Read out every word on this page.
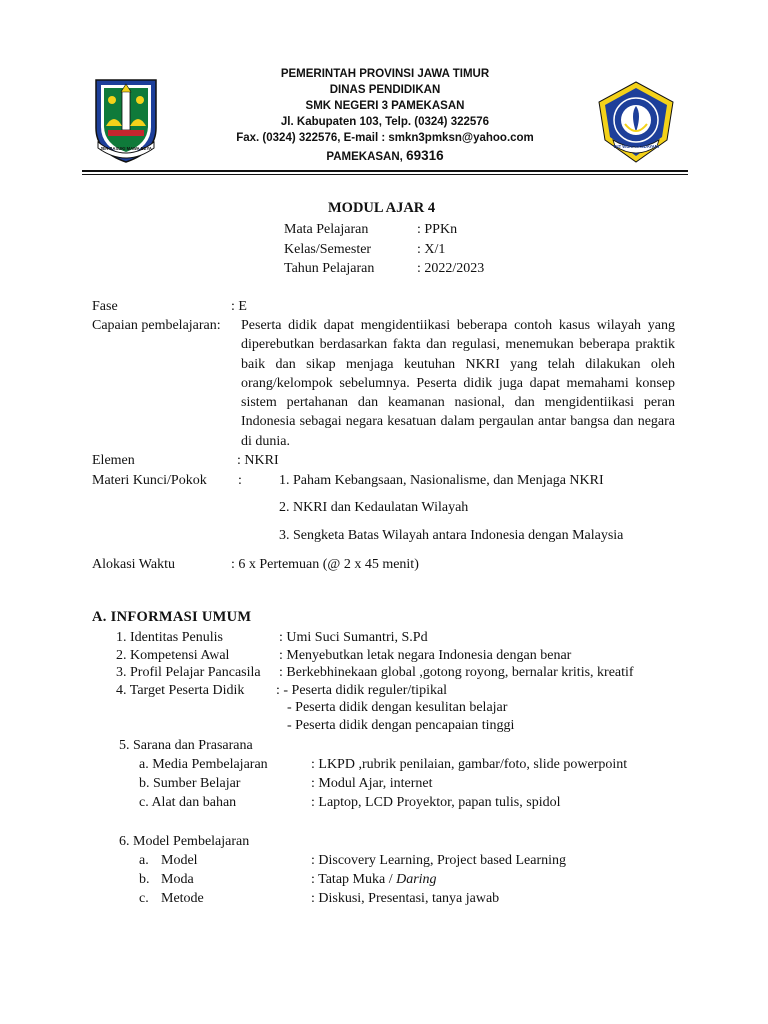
JER BASUKI MAWA BEYA	TUT WURI HANDAYANI
PEMERINTAH PROVINSI JAWA TIMUR
DINAS PENDIDIKAN
SMK NEGERI 3 PAMEKASAN
Jl. Kabupaten 103, Telp. (0324) 322576
Fax. (0324) 322576, E-mail : smkn3pmksn@yahoo.com
PAMEKASAN, 69316
MODUL AJAR 4
Mata Pelajaran	: PPKn
Kelas/Semester	: X/1
Tahun Pelajaran	: 2022/2023
Fase	: E
Capaian pembelajaran: Peserta didik dapat mengidentiikasi beberapa contoh kasus wilayah yang diperebutkan berdasarkan fakta dan regulasi, menemukan beberapa praktik baik dan sikap menjaga keutuhan NKRI yang telah dilakukan oleh orang/kelompok sebelumnya. Peserta didik juga dapat memahami konsep sistem pertahanan dan keamanan nasional, dan mengidentiikasi peran Indonesia sebagai negara kesatuan dalam pergaulan antar bangsa dan negara di dunia.
Elemen	: NKRI
Materi Kunci/Pokok :	1. Paham Kebangsaan, Nasionalisme, dan Menjaga NKRI
2. NKRI dan Kedaulatan Wilayah
3. Sengketa Batas Wilayah antara Indonesia dengan Malaysia
Alokasi Waktu	: 6 x Pertemuan (@ 2 x 45 menit)
A. INFORMASI UMUM
1. Identitas Penulis	: Umi Suci Sumantri, S.Pd
2. Kompetensi Awal	: Menyebutkan letak negara Indonesia dengan benar
3. Profil Pelajar Pancasila : Berkebhinekaan global ,gotong royong, bernalar kritis, kreatif
4. Target Peserta Didik : - Peserta didik reguler/tipikal
- Peserta didik dengan kesulitan belajar
- Peserta didik dengan pencapaian tinggi
5. Sarana dan Prasarana
a. Media Pembelajaran	: LKPD ,rubrik penilaian, gambar/foto, slide powerpoint
b. Sumber Belajar	: Modul Ajar, internet
c. Alat dan bahan	: Laptop, LCD Proyektor, papan tulis, spidol
6. Model Pembelajaran
a. Model	: Discovery Learning, Project based Learning
b. Moda	: Tatap Muka / Daring
c. Metode	: Diskusi, Presentasi, tanya jawab
